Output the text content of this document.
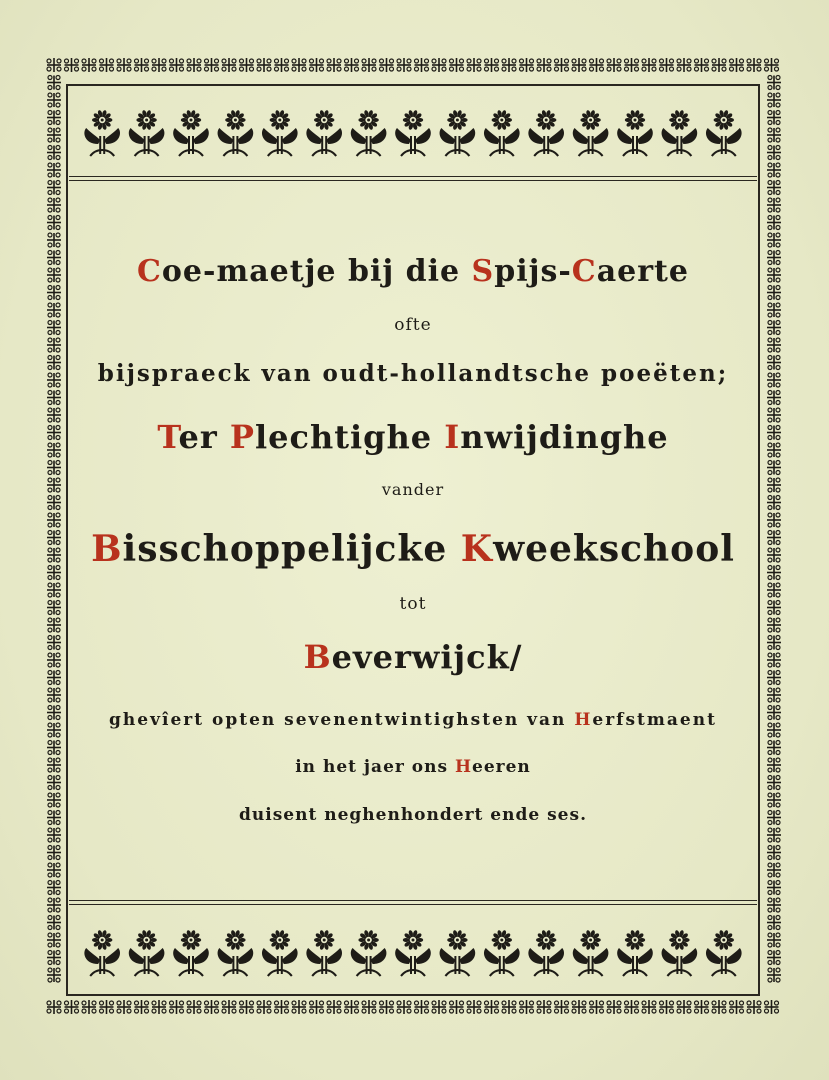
Coe-maetje bij die Spijs-Caerte
ofte
bijspraeck van oudt-hollandtsche poeëten;
Ter Plechtighe Inwijdinghe
vander
Bisschoppelijcke Kweekschool
tot
Beverwijck/
ghevîert opten sevenentwintighsten van Herfstmaent
in het jaer ons Heeren
duisent neghenhondert ende ses.
